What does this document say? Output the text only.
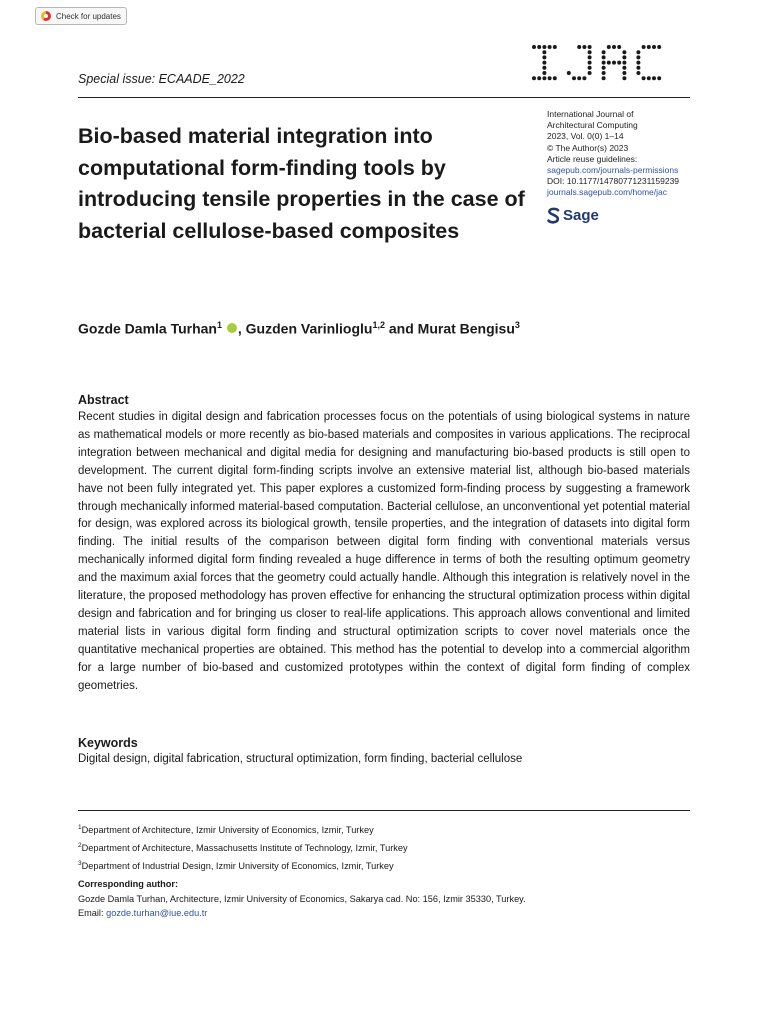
Check for updates
Special issue: ECAADE_2022
Bio-based material integration into computational form-finding tools by introducing tensile properties in the case of bacterial cellulose-based composites
International Journal of
Architectural Computing
2023, Vol. 0(0) 1–14
© The Author(s) 2023
Article reuse guidelines:
sagepub.com/journals-permissions
DOI: 10.1177/14780771231159239
journals.sagepub.com/home/jac
Sage
Gozde Damla Turhan$^1$ , Guzden Varinlioglu$^{1,2}$ and Murat Bengisu$^3$
Abstract

Recent studies in digital design and fabrication processes focus on the potentials of using biological systems in nature as mathematical models or more recently as bio-based materials and composites in various applications. The reciprocal integration between mechanical and digital media for designing and manufacturing bio-based products is still open to development. The current digital form-finding scripts involve an extensive material list, although bio-based materials have not been fully integrated yet. This paper explores a customized form-finding process by suggesting a framework through mechanically informed material-based computation. Bacterial cellulose, an unconventional yet potential material for design, was explored across its biological growth, tensile properties, and the integration of datasets into digital form finding. The initial results of the comparison between digital form finding with conventional materials versus mechanically informed digital form finding revealed a huge difference in terms of both the resulting optimum geometry and the maximum axial forces that the geometry could actually handle. Although this integration is relatively novel in the literature, the proposed methodology has proven effective for enhancing the structural optimization process within digital design and fabrication and for bringing us closer to real-life applications. This approach allows conventional and limited material lists in various digital form finding and structural optimization scripts to cover novel materials once the quantitative mechanical properties are obtained. This method has the potential to develop into a commercial algorithm for a large number of bio-based and customized prototypes within the context of digital form finding of complex geometries.

Keywords
Digital design, digital fabrication, structural optimization, form finding, bacterial cellulose
$^1$Department of Architecture, Izmir University of Economics, Izmir, Turkey
$^2$Department of Architecture, Massachusetts Institute of Technology, Izmir, Turkey
$^3$Department of Industrial Design, Izmir University of Economics, Izmir, Turkey
Corresponding author:
Gozde Damla Turhan, Architecture, Izmir University of Economics, Sakarya cad. No: 156, Izmir 35330, Turkey.
Email: gozde.turhan@iue.edu.tr
